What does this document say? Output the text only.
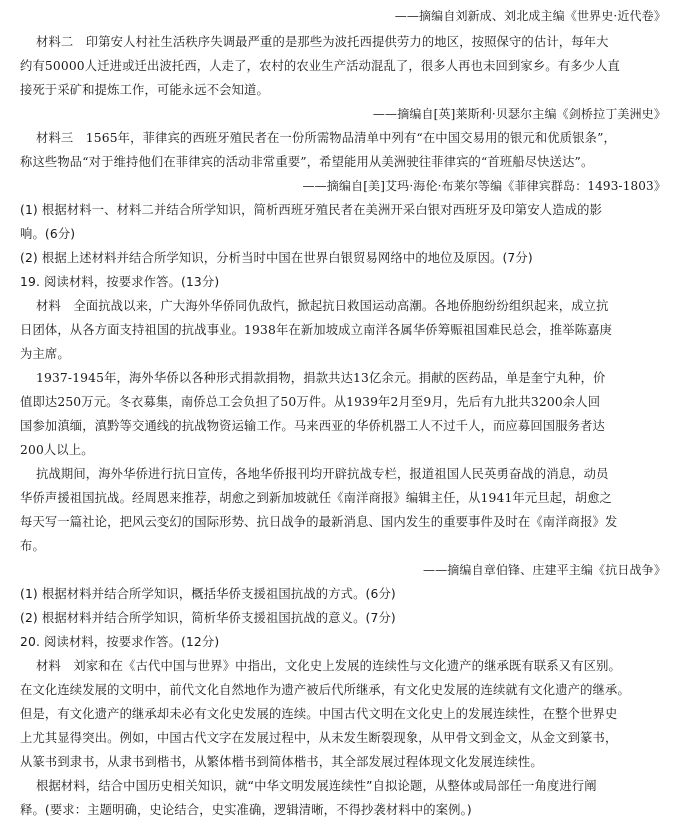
——摘编自刘新成、刘北成主编《世界史·近代卷》
材料二　印第安人村社生活秩序失调最严重的是那些为波托西提供劳力的地区，按照保守的估计，每年大
约有50000人迁进或迁出波托西，人走了，农村的农业生产活动混乱了，很多人再也未回到家乡。有多少人直
接死于采矿和提炼工作，可能永远不会知道。
——摘编自[英]莱斯利·贝瑟尔主编《剑桥拉丁美洲史》
材料三　1565年，菲律宾的西班牙殖民者在一份所需物品清单中列有“在中国交易用的银元和优质银条”，
称这些物品“对于维持他们在菲律宾的活动非常重要”，希望能用从美洲驶往菲律宾的“首班船尽快送达”。
——摘编自[美]艾玛·海伦·布莱尔等编《菲律宾群岛：1493-1803》
(1) 根据材料一、材料二并结合所学知识，简析西班牙殖民者在美洲开采白银对西班牙及印第安人造成的影
响。(6分)
(2) 根据上述材料并结合所学知识，分析当时中国在世界白银贸易网络中的地位及原因。(7分)
19. 阅读材料，按要求作答。(13分)
材料　全面抗战以来，广大海外华侨同仇敌忾，掀起抗日救国运动高潮。各地侨胞纷纷组织起来，成立抗
日团体，从各方面支持祖国的抗战事业。1938年在新加坡成立南洋各属华侨筹赈祖国难民总会，推举陈嘉庚
为主席。
1937-1945年，海外华侨以各种形式捐款捐物，捐款共达13亿余元。捐献的医药品，单是奎宁丸种，价
值即达250万元。冬衣募集，南侨总工会负担了50万件。从1939年2月至9月，先后有九批共3200余人回
国参加滇缅，滇黔等交通线的抗战物资运输工作。马来西亚的华侨机器工人不过千人，而应募回国服务者达
200人以上。
抗战期间，海外华侨进行抗日宣传，各地华侨报刊均开辟抗战专栏，报道祖国人民英勇奋战的消息，动员
华侨声援祖国抗战。经周恩来推荐，胡愈之到新加坡就任《南洋商报》编辑主任，从1941年元旦起，胡愈之
每天写一篇社论，把风云变幻的国际形势、抗日战争的最新消息、国内发生的重要事件及时在《南洋商报》发
布。
——摘编自章伯锋、庄建平主编《抗日战争》
(1) 根据材料并结合所学知识，概括华侨支援祖国抗战的方式。(6分)
(2) 根据材料并结合所学知识，简析华侨支援祖国抗战的意义。(7分)
20. 阅读材料，按要求作答。(12分)
材料　刘家和在《古代中国与世界》中指出，文化史上发展的连续性与文化遗产的继承既有联系又有区别。
在文化连续发展的文明中，前代文化自然地作为遗产被后代所继承，有文化史发展的连续就有文化遗产的继承。
但是，有文化遗产的继承却未必有文化史发展的连续。中国古代文明在文化史上的发展连续性，在整个世界史
上尤其显得突出。例如，中国古代文字在发展过程中，从未发生断裂现象，从甲骨文到金文，从金文到篆书，
从篆书到隶书，从隶书到楷书，从繁体楷书到简体楷书，其全部发展过程体现文化发展连续性。
根据材料，结合中国历史相关知识，就“中华文明发展连续性”自拟论题，从整体或局部任一角度进行阐
释。(要求：主题明确，史论结合，史实准确，逻辑清晰，不得抄袭材料中的案例。)
